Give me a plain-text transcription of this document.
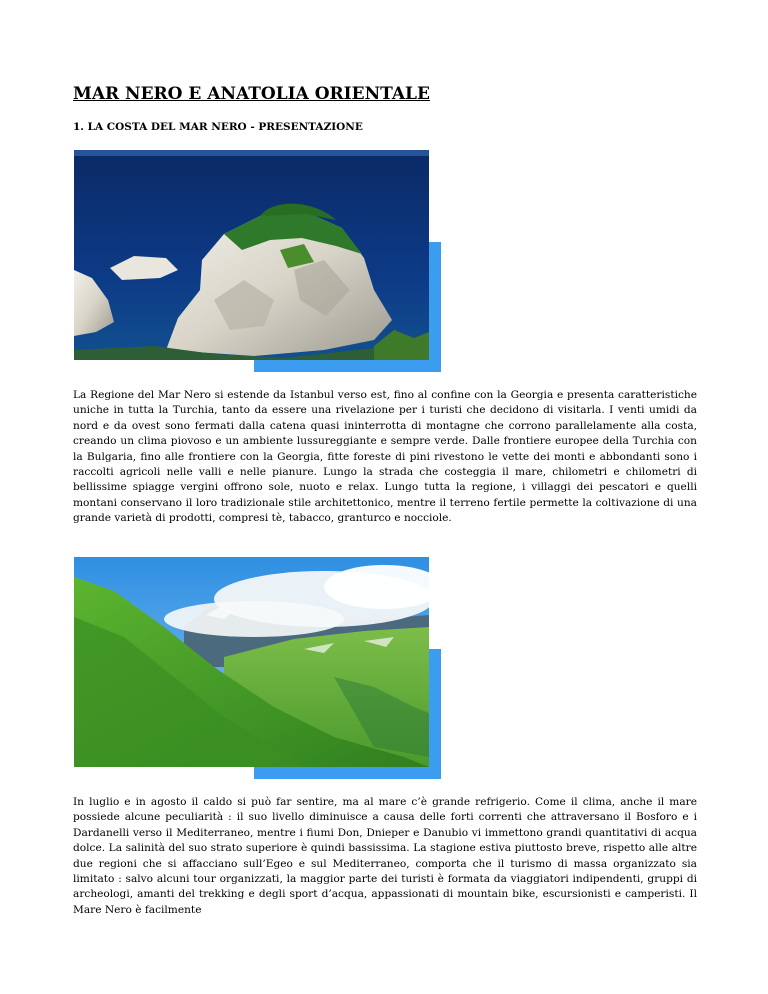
MAR NERO E ANATOLIA ORIENTALE
1. LA COSTA DEL MAR NERO - PRESENTAZIONE

La Regione del Mar Nero si estende da Istanbul verso est, fino al confine con la Georgia e presenta caratteristiche uniche in tutta la Turchia, tanto da essere una rivelazione per i turisti che decidono di visitarla. I venti umidi da nord e da ovest sono fermati dalla catena quasi ininterrotta di montagne che corrono parallelamente alla costa, creando un clima piovoso e un ambiente lussureggiante e sempre verde. Dalle frontiere europee della Turchia con la Bulgaria, fino alle frontiere con la Georgia, fitte foreste di pini rivestono le vette dei monti e abbondanti sono i raccolti agricoli nelle valli e nelle pianure. Lungo la strada che costeggia il mare, chilometri e chilometri di bellissime spiagge vergini offrono sole, nuoto e relax. Lungo tutta la regione, i villaggi dei pescatori e quelli montani conservano il loro tradizionale stile architettonico, mentre il terreno fertile permette la coltivazione di una grande varietà di prodotti, compresi tè, tabacco, granturco e nocciole.

In luglio e in agosto il caldo si può far sentire, ma al mare c’è grande refrigerio. Come il clima, anche il mare possiede alcune peculiarità : il suo livello diminuisce a causa delle forti correnti che attraversano il Bosforo e i Dardanelli verso il Mediterraneo, mentre i fiumi Don, Dnieper e Danubio vi immettono grandi quantitativi di acqua dolce. La salinità del suo strato superiore è quindi bassissima. La stagione estiva piuttosto breve, rispetto alle altre due regioni che si affacciano sull’Egeo e sul Mediterraneo, comporta che il turismo di massa organizzato sia limitato : salvo alcuni tour organizzati, la maggior parte dei turisti è formata da viaggiatori indipendenti, gruppi di archeologi, amanti del trekking e degli sport d’acqua, appassionati di mountain bike, escursionisti e camperisti. Il Mare Nero è facilmente
